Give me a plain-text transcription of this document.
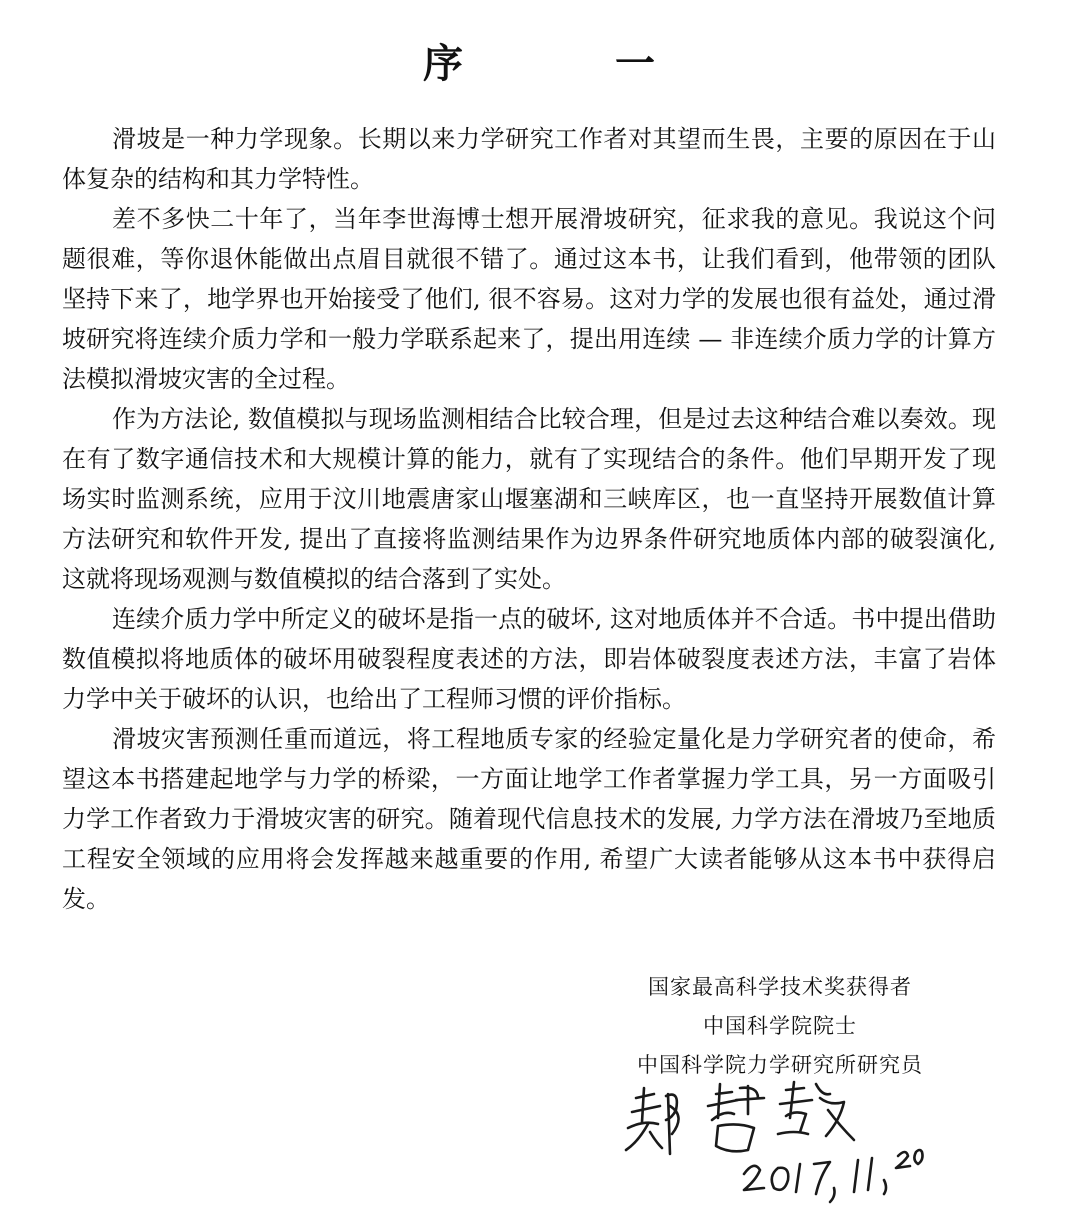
序	一

滑坡是一种力学现象。长期以来力学研究工作者对其望而生畏，主要的原因在于山体复杂的结构和其力学特性。

差不多快二十年了，当年李世海博士想开展滑坡研究，征求我的意见。我说这个问题很难，等你退休能做出点眉目就很不错了。通过这本书，让我们看到，他带领的团队坚持下来了，地学界也开始接受了他们, 很不容易。这对力学的发展也很有益处，通过滑坡研究将连续介质力学和一般力学联系起来了，提出用连续 — 非连续介质力学的计算方法模拟滑坡灾害的全过程。

作为方法论, 数值模拟与现场监测相结合比较合理，但是过去这种结合难以奏效。现在有了数字通信技术和大规模计算的能力，就有了实现结合的条件。他们早期开发了现场实时监测系统，应用于汶川地震唐家山堰塞湖和三峡库区，也一直坚持开展数值计算方法研究和软件开发, 提出了直接将监测结果作为边界条件研究地质体内部的破裂演化, 这就将现场观测与数值模拟的结合落到了实处。

连续介质力学中所定义的破坏是指一点的破坏, 这对地质体并不合适。书中提出借助数值模拟将地质体的破坏用破裂程度表述的方法，即岩体破裂度表述方法，丰富了岩体力学中关于破坏的认识，也给出了工程师习惯的评价指标。

滑坡灾害预测任重而道远，将工程地质专家的经验定量化是力学研究者的使命，希望这本书搭建起地学与力学的桥梁，一方面让地学工作者掌握力学工具，另一方面吸引力学工作者致力于滑坡灾害的研究。随着现代信息技术的发展, 力学方法在滑坡乃至地质工程安全领域的应用将会发挥越来越重要的作用, 希望广大读者能够从这本书中获得启发。

国家最高科学技术奖获得者
中国科学院院士
中国科学院力学研究所研究员
